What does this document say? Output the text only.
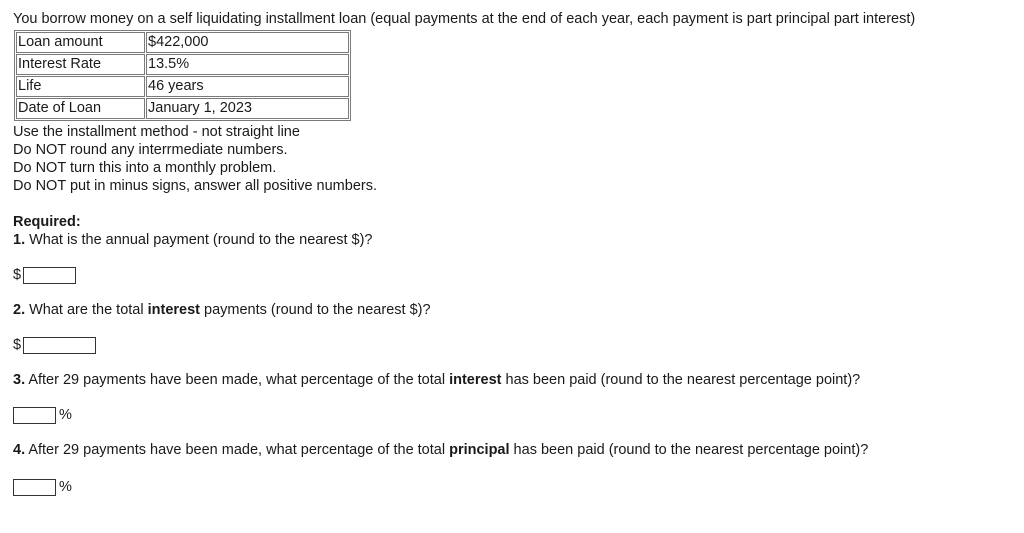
You borrow money on a self liquidating installment loan (equal payments at the end of each year, each payment is part principal part interest)

Loan amount	$422,000
Interest Rate	13.5%
Life	46 years
Date of Loan	January 1, 2023
Use the installment method - not straight line
Do NOT round any interrmediate numbers.
Do NOT turn this into a monthly problem.
Do NOT put in minus signs, answer all positive numbers.
Required:

1. What is the annual payment (round to the nearest $)?

$

2. What are the total interest payments (round to the nearest $)?

$

3. After 29 payments have been made, what percentage of the total interest has been paid (round to the nearest percentage point)?

%

4. After 29 payments have been made, what percentage of the total principal has been paid (round to the nearest percentage point)?

%
